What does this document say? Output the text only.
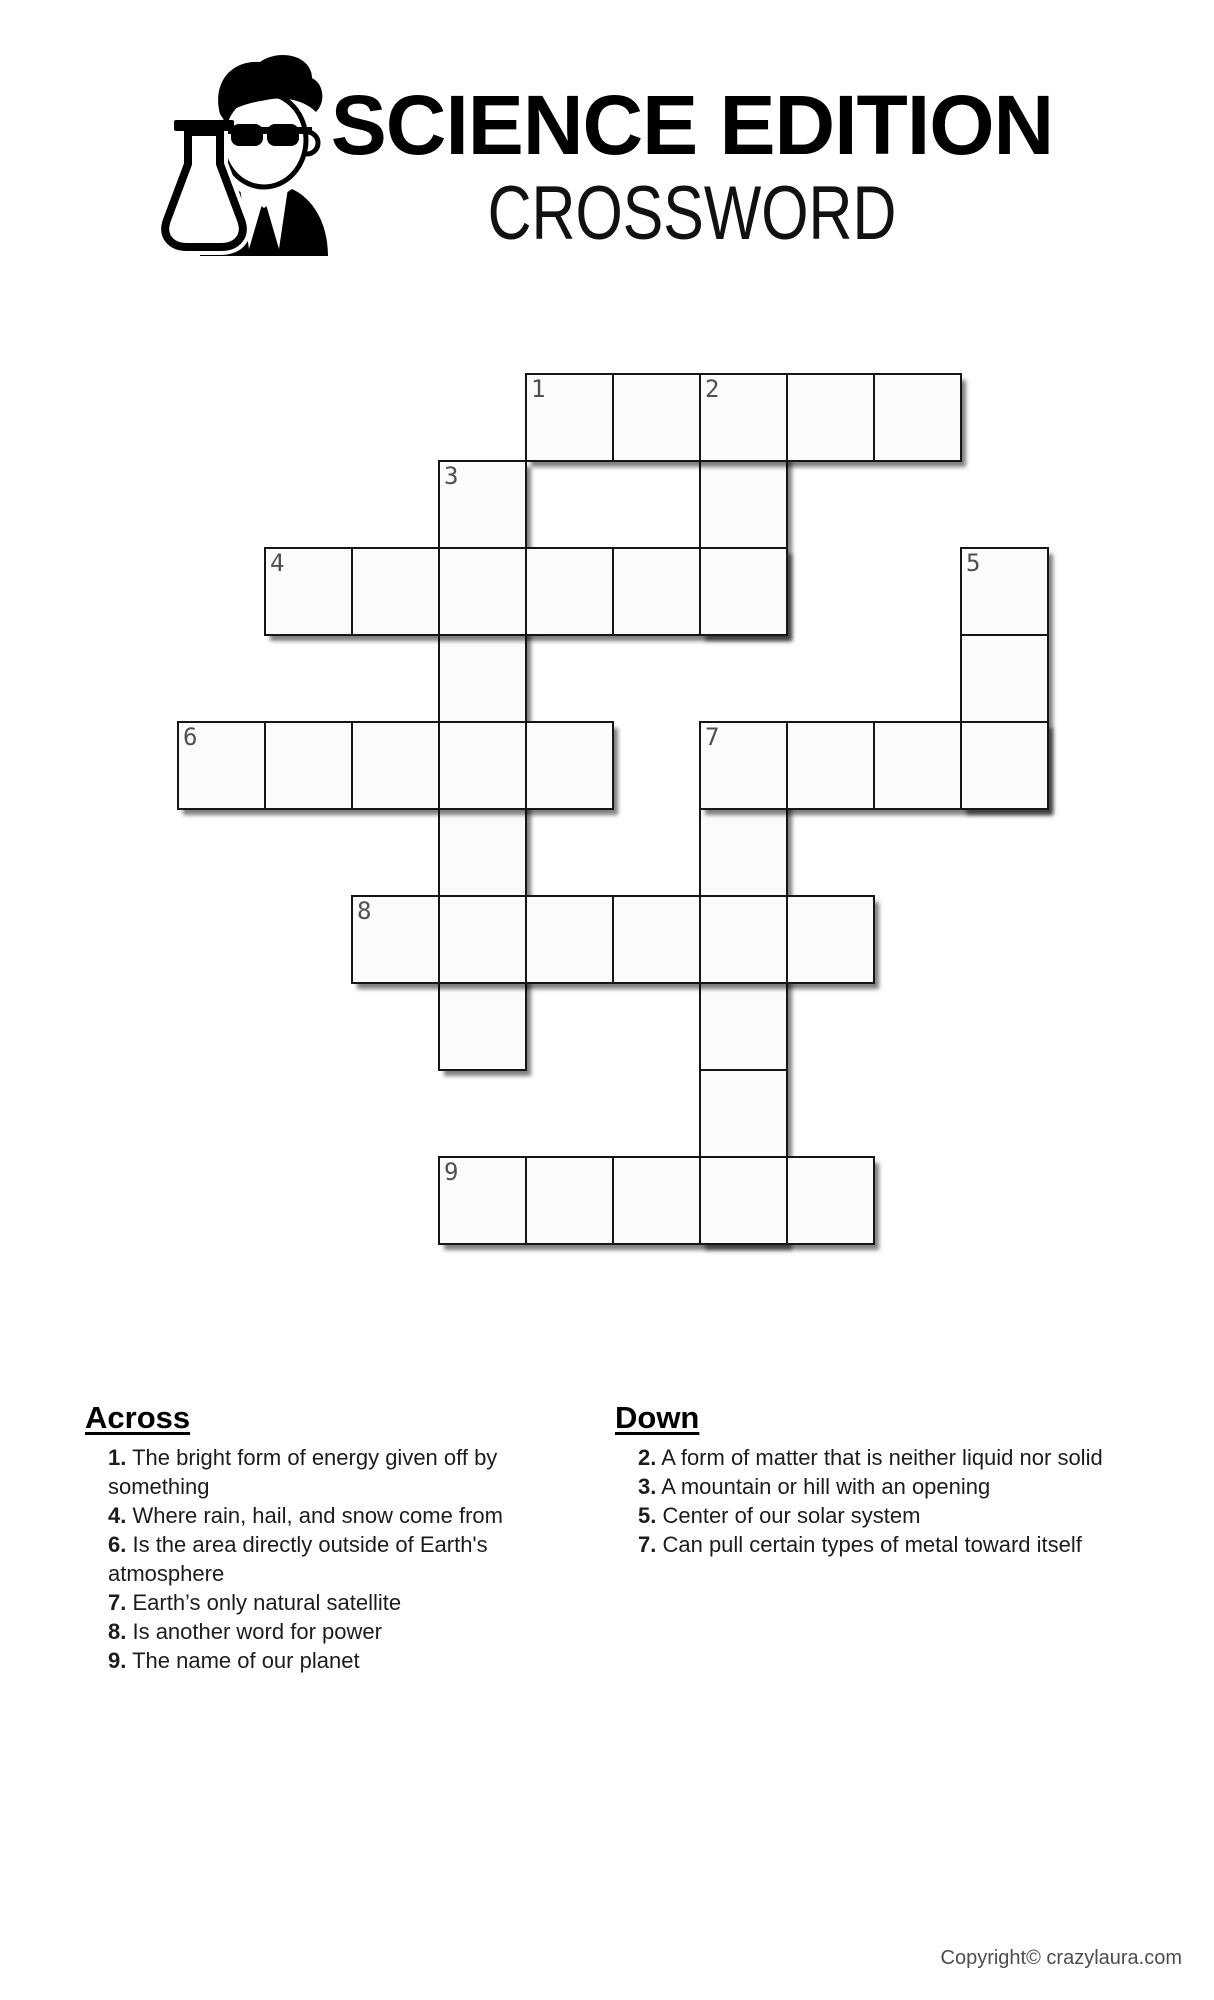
SCIENCE EDITION
CROSSWORD
1	2
3
4	5
6	7
8
9
Across
1. The bright form of energy given off by something
4. Where rain, hail, and snow come from
6. Is the area directly outside of Earth's atmosphere
7. Earth’s only natural satellite
8. Is another word for power
9. The name of our planet
Down
2. A form of matter that is neither liquid nor solid
3. A mountain or hill with an opening
5. Center of our solar system
7. Can pull certain types of metal toward itself
Copyright© crazylaura.com
